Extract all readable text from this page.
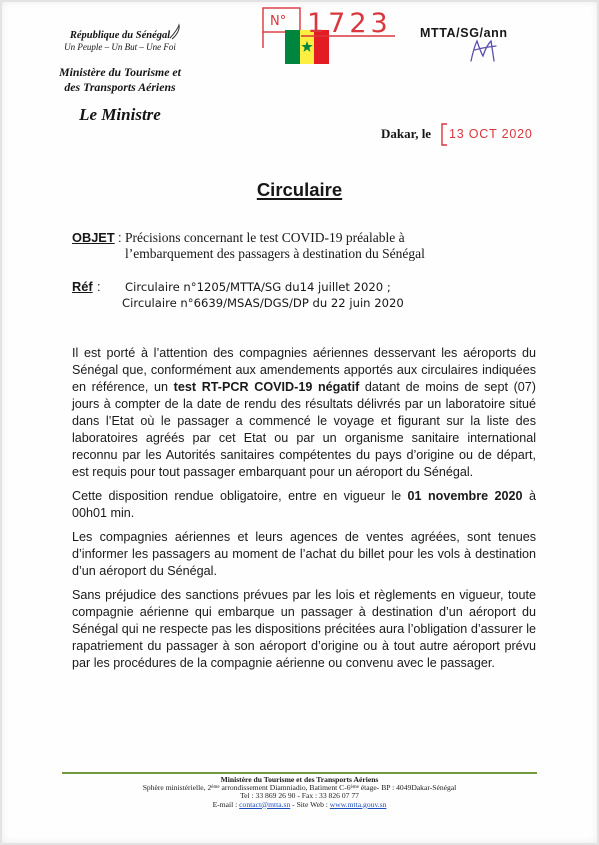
République du Sénégal
Un Peuple – Un But – Une Foi
Ministère du Tourisme et
des Transports Aériens
Le Ministre
N° 1723 MTTA/SG/ann
Dakar, le 13 OCT 2020
Circulaire
OBJET : Précisions concernant le test COVID-19 préalable à
l’embarquement des passagers à destination du Sénégal
Réf : Circulaire n°1205/MTTA/SG du14 juillet 2020 ;
Circulaire n°6639/MSAS/DGS/DP du 22 juin 2020

Il est porté à l’attention des compagnies aériennes desservant les aéroports du Sénégal que, conformément aux amendements apportés aux circulaires indiquées en référence, un test RT-PCR COVID-19 négatif datant de moins de sept (07) jours à compter de la date de rendu des résultats délivrés par un laboratoire situé dans l’Etat où le passager a commencé le voyage et figurant sur la liste des laboratoires agréés par cet Etat ou par un organisme sanitaire international reconnu par les Autorités sanitaires compétentes du pays d’origine ou de départ, est requis pour tout passager embarquant pour un aéroport du Sénégal.

Cette disposition rendue obligatoire, entre en vigueur le 01 novembre 2020 à 00h01 min.

Les compagnies aériennes et leurs agences de ventes agréées, sont tenues d’informer les passagers au moment de l’achat du billet pour les vols à destination d’un aéroport du Sénégal.

Sans préjudice des sanctions prévues par les lois et règlements en vigueur, toute compagnie aérienne qui embarque un passager à destination d’un aéroport du Sénégal qui ne respecte pas les dispositions précitées aura l’obligation d’assurer le rapatriement du passager à son aéroport d’origine ou à tout autre aéroport prévu par les procédures de la compagnie aérienne ou convenu avec le passager.

Ministère du Tourisme et des Transports Aériens
Sphère ministérielle, 2ème arrondissement Diamniadio, Batiment C-6ème étage- BP : 4049Dakar-Sénégal
Tel : 33 869 26 90 - Fax : 33 826 07 77
E-mail : contact@mtta.sn - Site Web : www.mtta.gouv.sn
